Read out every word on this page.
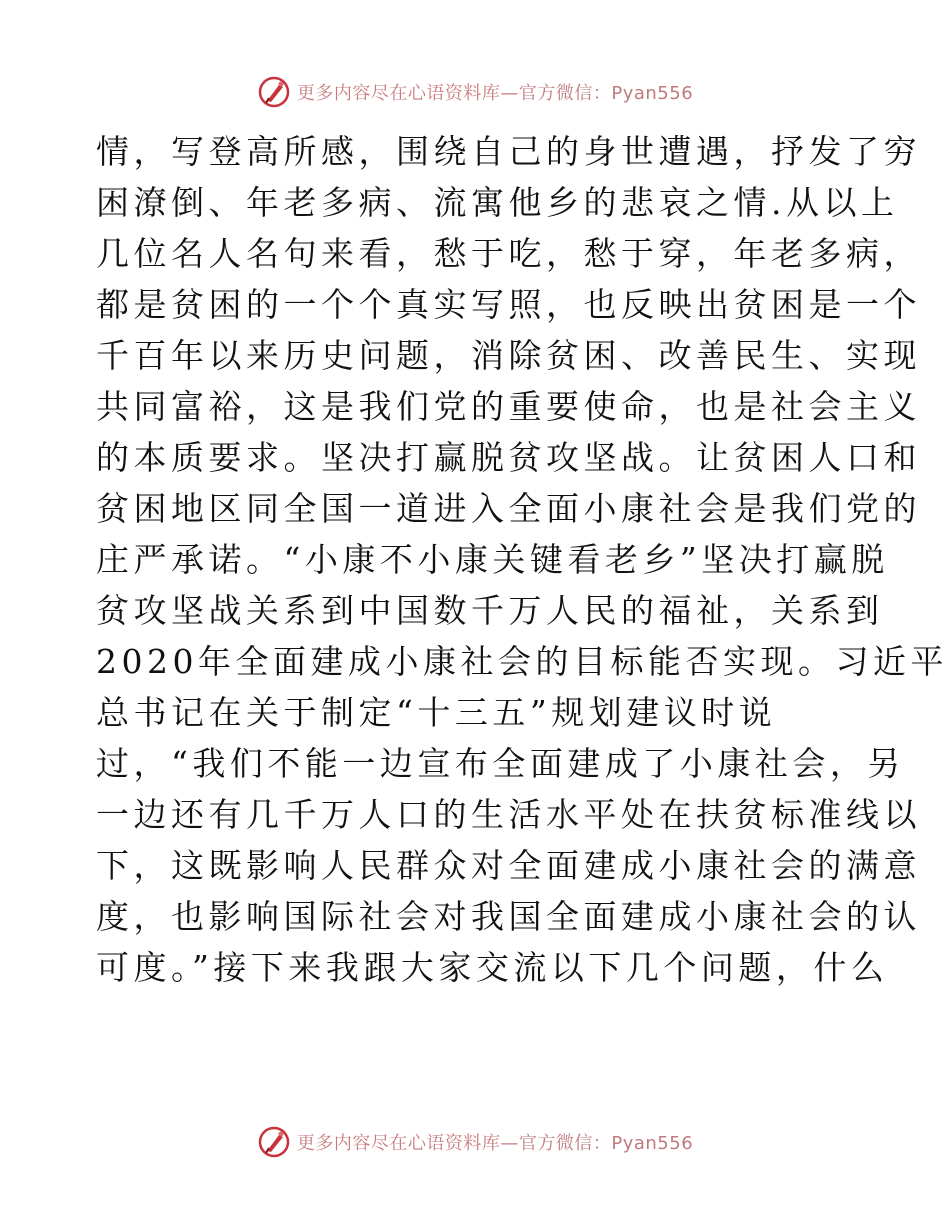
更多内容尽在心语资料库—官方微信：Pyan556
情，写登高所感，围绕自己的身世遭遇，抒发了穷
困潦倒、年老多病、流寓他乡的悲哀之情.从以上
几位名人名句来看，愁于吃，愁于穿，年老多病，
都是贫困的一个个真实写照，也反映出贫困是一个
千百年以来历史问题，消除贫困、改善民生、实现
共同富裕，这是我们党的重要使命，也是社会主义
的本质要求。坚决打赢脱贫攻坚战。让贫困人口和
贫困地区同全国一道进入全面小康社会是我们党的
庄严承诺。“小康不小康关键看老乡”坚决打赢脱
贫攻坚战关系到中国数千万人民的福祉，关系到
2020年全面建成小康社会的目标能否实现。习近平
总书记在关于制定“十三五”规划建议时说
过，“我们不能一边宣布全面建成了小康社会，另
一边还有几千万人口的生活水平处在扶贫标准线以
下，这既影响人民群众对全面建成小康社会的满意
度，也影响国际社会对我国全面建成小康社会的认
可度。”接下来我跟大家交流以下几个问题，什么
更多内容尽在心语资料库—官方微信：Pyan556
